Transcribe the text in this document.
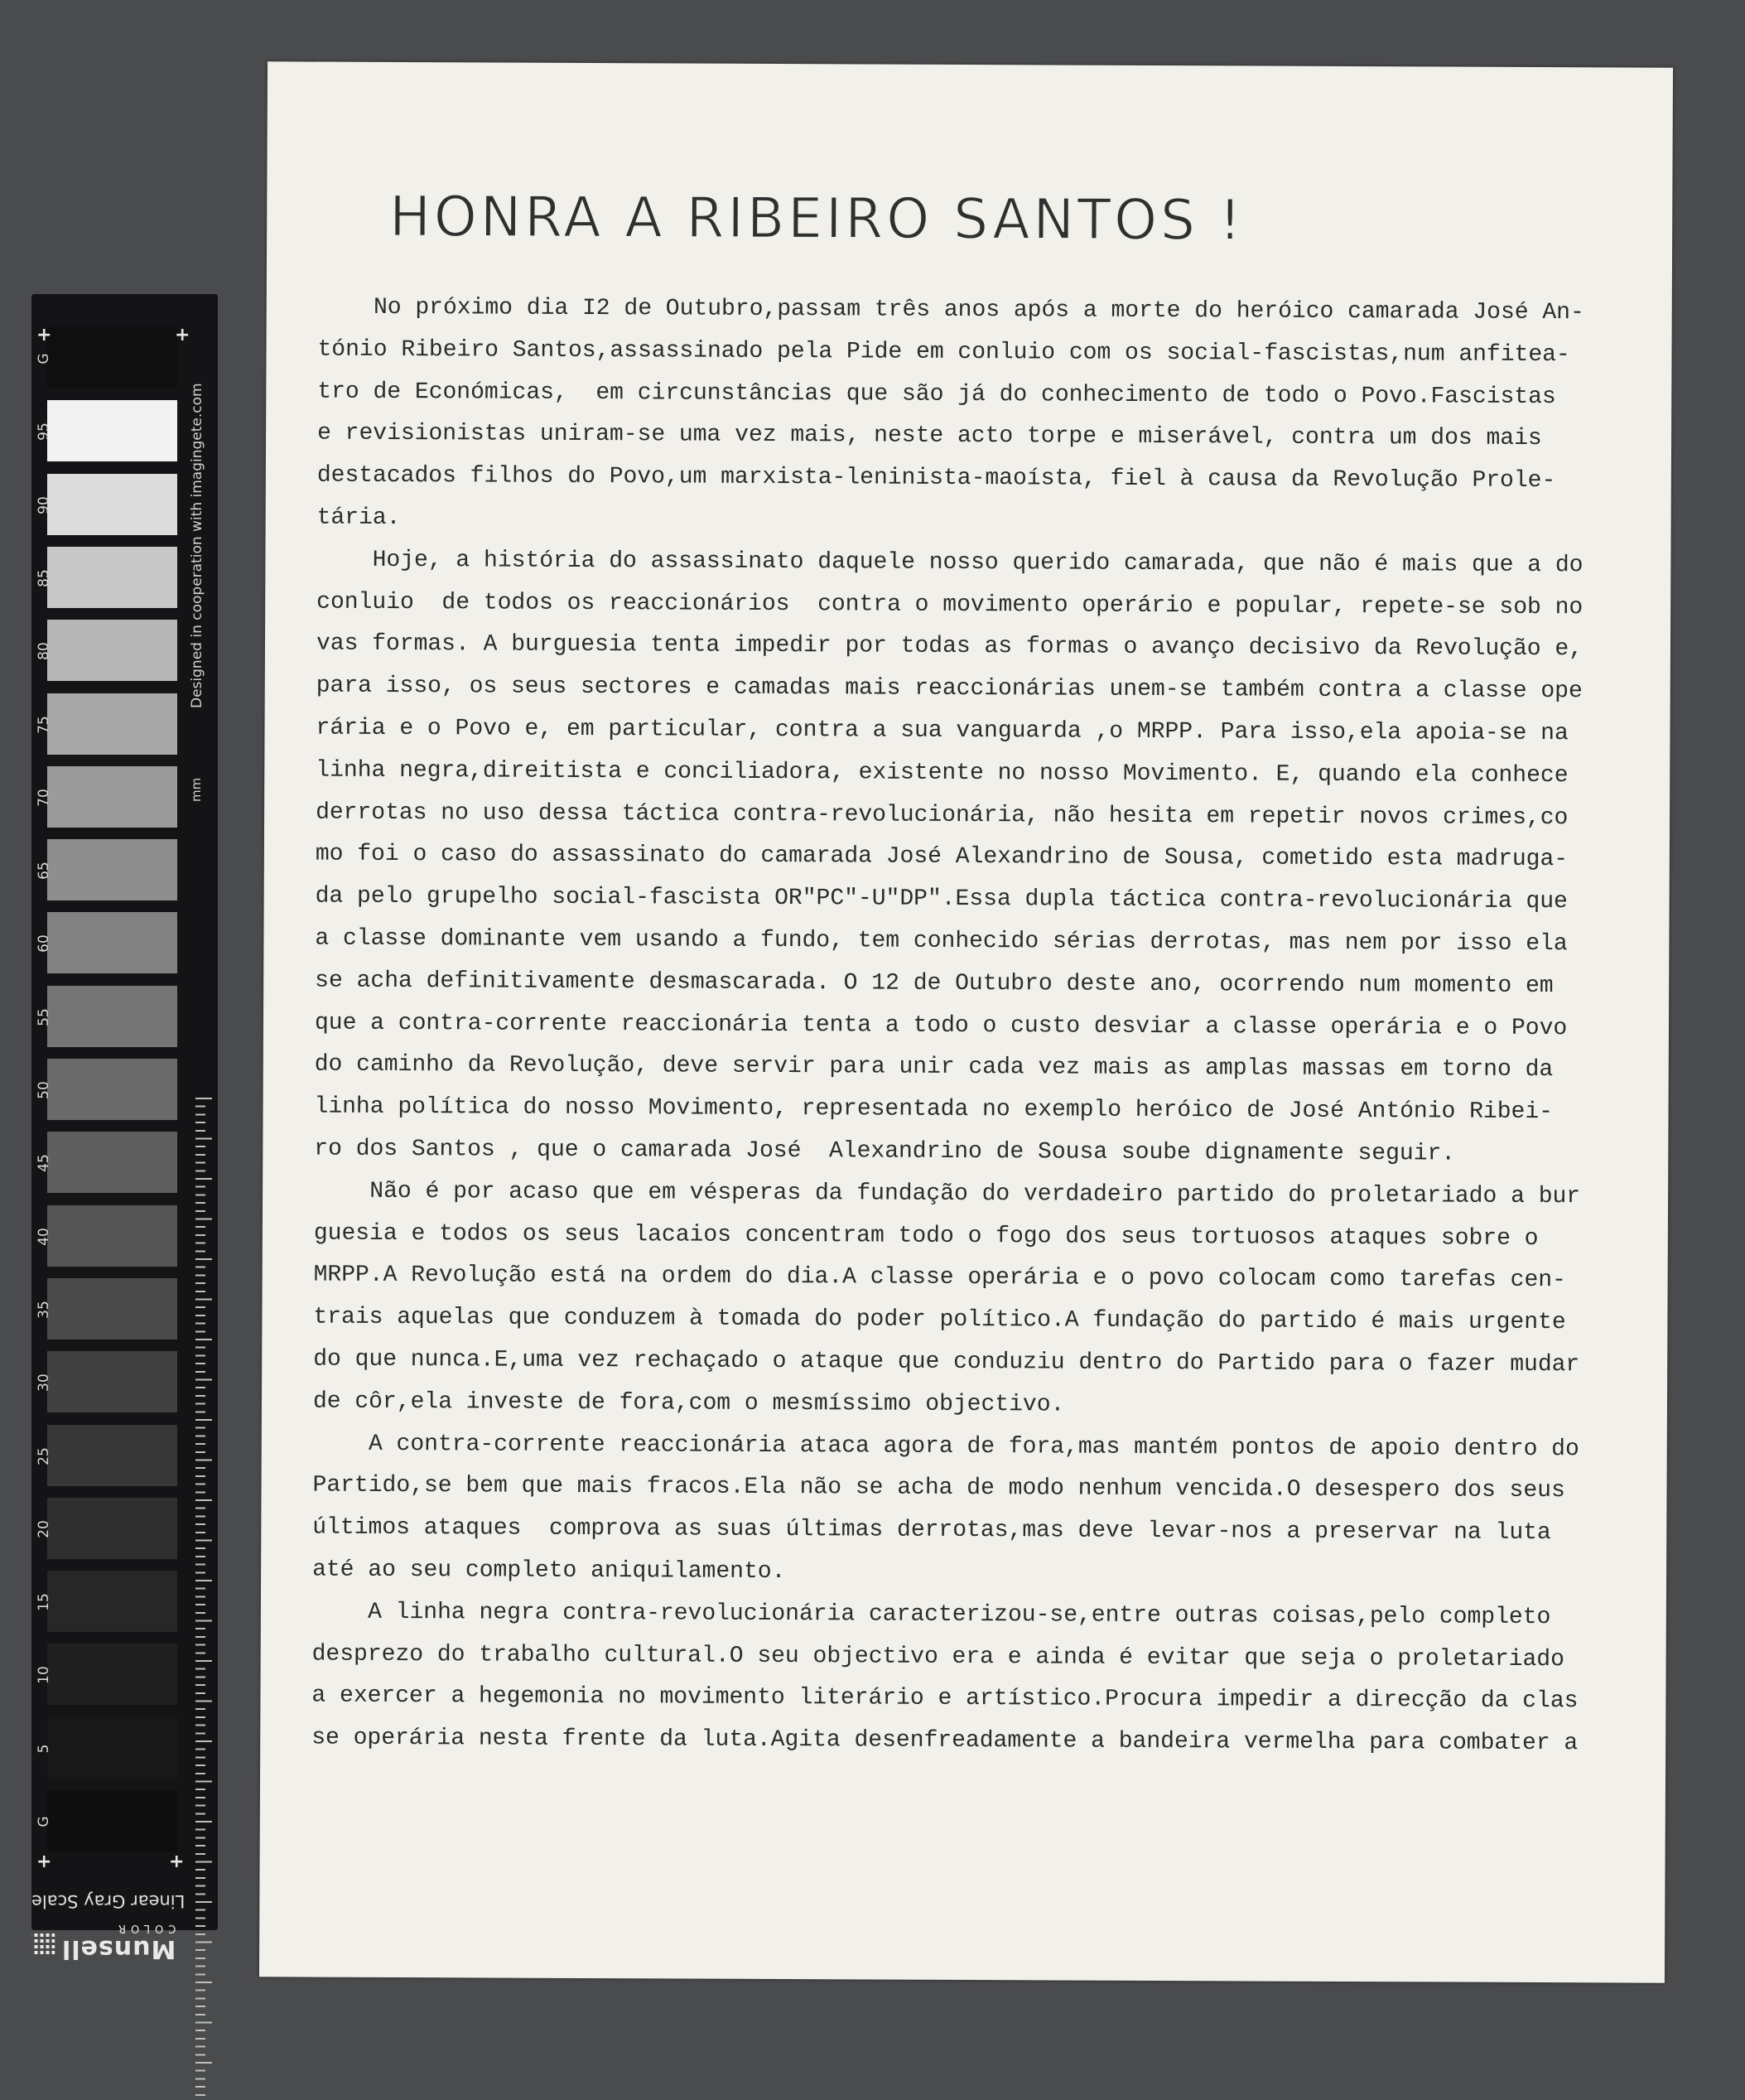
G
95
90
85
80
75
70
65
60
55
50
45
40
35
30
25
20
15
10
5
G
+	+
+	+
Designed in cooperation with imagingete.com
mm
Linear Gray Scale
Munsell
COLOR
HONRA A RIBEIRO SANTOS !
No próximo dia I2 de Outubro,passam três anos após a morte do heróico camarada José An-
tónio Ribeiro Santos,assassinado pela Pide em conluio com os social-fascistas,num anfitea-
tro de Económicas,  em circunstâncias que são já do conhecimento de todo o Povo.Fascistas
e revisionistas uniram-se uma vez mais, neste acto torpe e miserável, contra um dos mais
destacados filhos do Povo,um marxista-leninista-maoísta, fiel à causa da Revolução Prole-
tária.
Hoje, a história do assassinato daquele nosso querido camarada, que não é mais que a do
conluio  de todos os reaccionários  contra o movimento operário e popular, repete-se sob no
vas formas. A burguesia tenta impedir por todas as formas o avanço decisivo da Revolução e,
para isso, os seus sectores e camadas mais reaccionárias unem-se também contra a classe ope
rária e o Povo e, em particular, contra a sua vanguarda ,o MRPP. Para isso,ela apoia-se na
linha negra,direitista e conciliadora, existente no nosso Movimento. E, quando ela conhece
derrotas no uso dessa táctica contra-revolucionária, não hesita em repetir novos crimes,co
mo foi o caso do assassinato do camarada José Alexandrino de Sousa, cometido esta madruga-
da pelo grupelho social-fascista OR"PC"-U"DP".Essa dupla táctica contra-revolucionária que
a classe dominante vem usando a fundo, tem conhecido sérias derrotas, mas nem por isso ela
se acha definitivamente desmascarada. O 12 de Outubro deste ano, ocorrendo num momento em
que a contra-corrente reaccionária tenta a todo o custo desviar a classe operária e o Povo
do caminho da Revolução, deve servir para unir cada vez mais as amplas massas em torno da
linha política do nosso Movimento, representada no exemplo heróico de José António Ribei-
ro dos Santos , que o camarada José  Alexandrino de Sousa soube dignamente seguir.
Não é por acaso que em vésperas da fundação do verdadeiro partido do proletariado a bur
guesia e todos os seus lacaios concentram todo o fogo dos seus tortuosos ataques sobre o
MRPP.A Revolução está na ordem do dia.A classe operária e o povo colocam como tarefas cen-
trais aquelas que conduzem à tomada do poder político.A fundação do partido é mais urgente
do que nunca.E,uma vez rechaçado o ataque que conduziu dentro do Partido para o fazer mudar
de côr,ela investe de fora,com o mesmíssimo objectivo.
A contra-corrente reaccionária ataca agora de fora,mas mantém pontos de apoio dentro do
Partido,se bem que mais fracos.Ela não se acha de modo nenhum vencida.O desespero dos seus
últimos ataques  comprova as suas últimas derrotas,mas deve levar-nos a preservar na luta
até ao seu completo aniquilamento.
A linha negra contra-revolucionária caracterizou-se,entre outras coisas,pelo completo
desprezo do trabalho cultural.O seu objectivo era e ainda é evitar que seja o proletariado
a exercer a hegemonia no movimento literário e artístico.Procura impedir a direcção da clas
se operária nesta frente da luta.Agita desenfreadamente a bandeira vermelha para combater a
